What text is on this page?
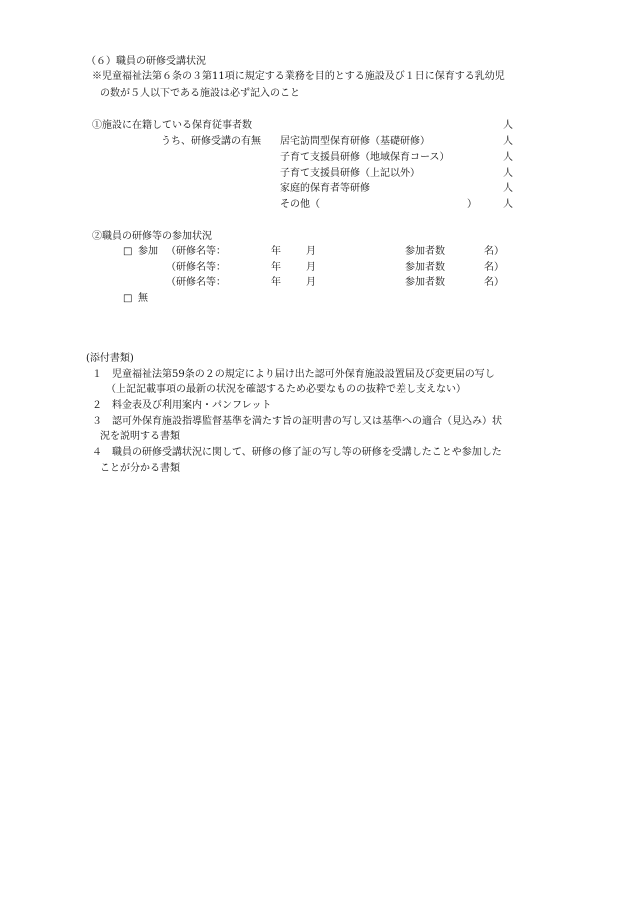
（６）職員の研修受講状況
※児童福祉法第６条の３第11項に規定する業務を目的とする施設及び１日に保育する乳幼児
の数が５人以下である施設は必ず記入のこと
①施設に在籍している保育従事者数	人
うち、研修受講の有無 居宅訪問型保育研修（基礎研修）	人
子育て支援員研修（地域保育コース）	人
子育て支援員研修（上記以外）	人
家庭的保育者等研修	人
その他（	）	人
②職員の研修等の参加状況
□ 参加 （研修名等：	年	月	参加者数	名）
（研修名等：	年	月	参加者数	名）
（研修名等：	年	月	参加者数	名）
□ 無
(添付書類)
１ 児童福祉法第59条の２の規定により届け出た認可外保育施設設置届及び変更届の写し
（上記記載事項の最新の状況を確認するため必要なものの抜粋で差し支えない）
２ 料金表及び利用案内・パンフレット
３ 認可外保育施設指導監督基準を満たす旨の証明書の写し又は基準への適合（見込み）状
況を説明する書類
４ 職員の研修受講状況に関して、研修の修了証の写し等の研修を受講したことや参加した
ことが分かる書類
